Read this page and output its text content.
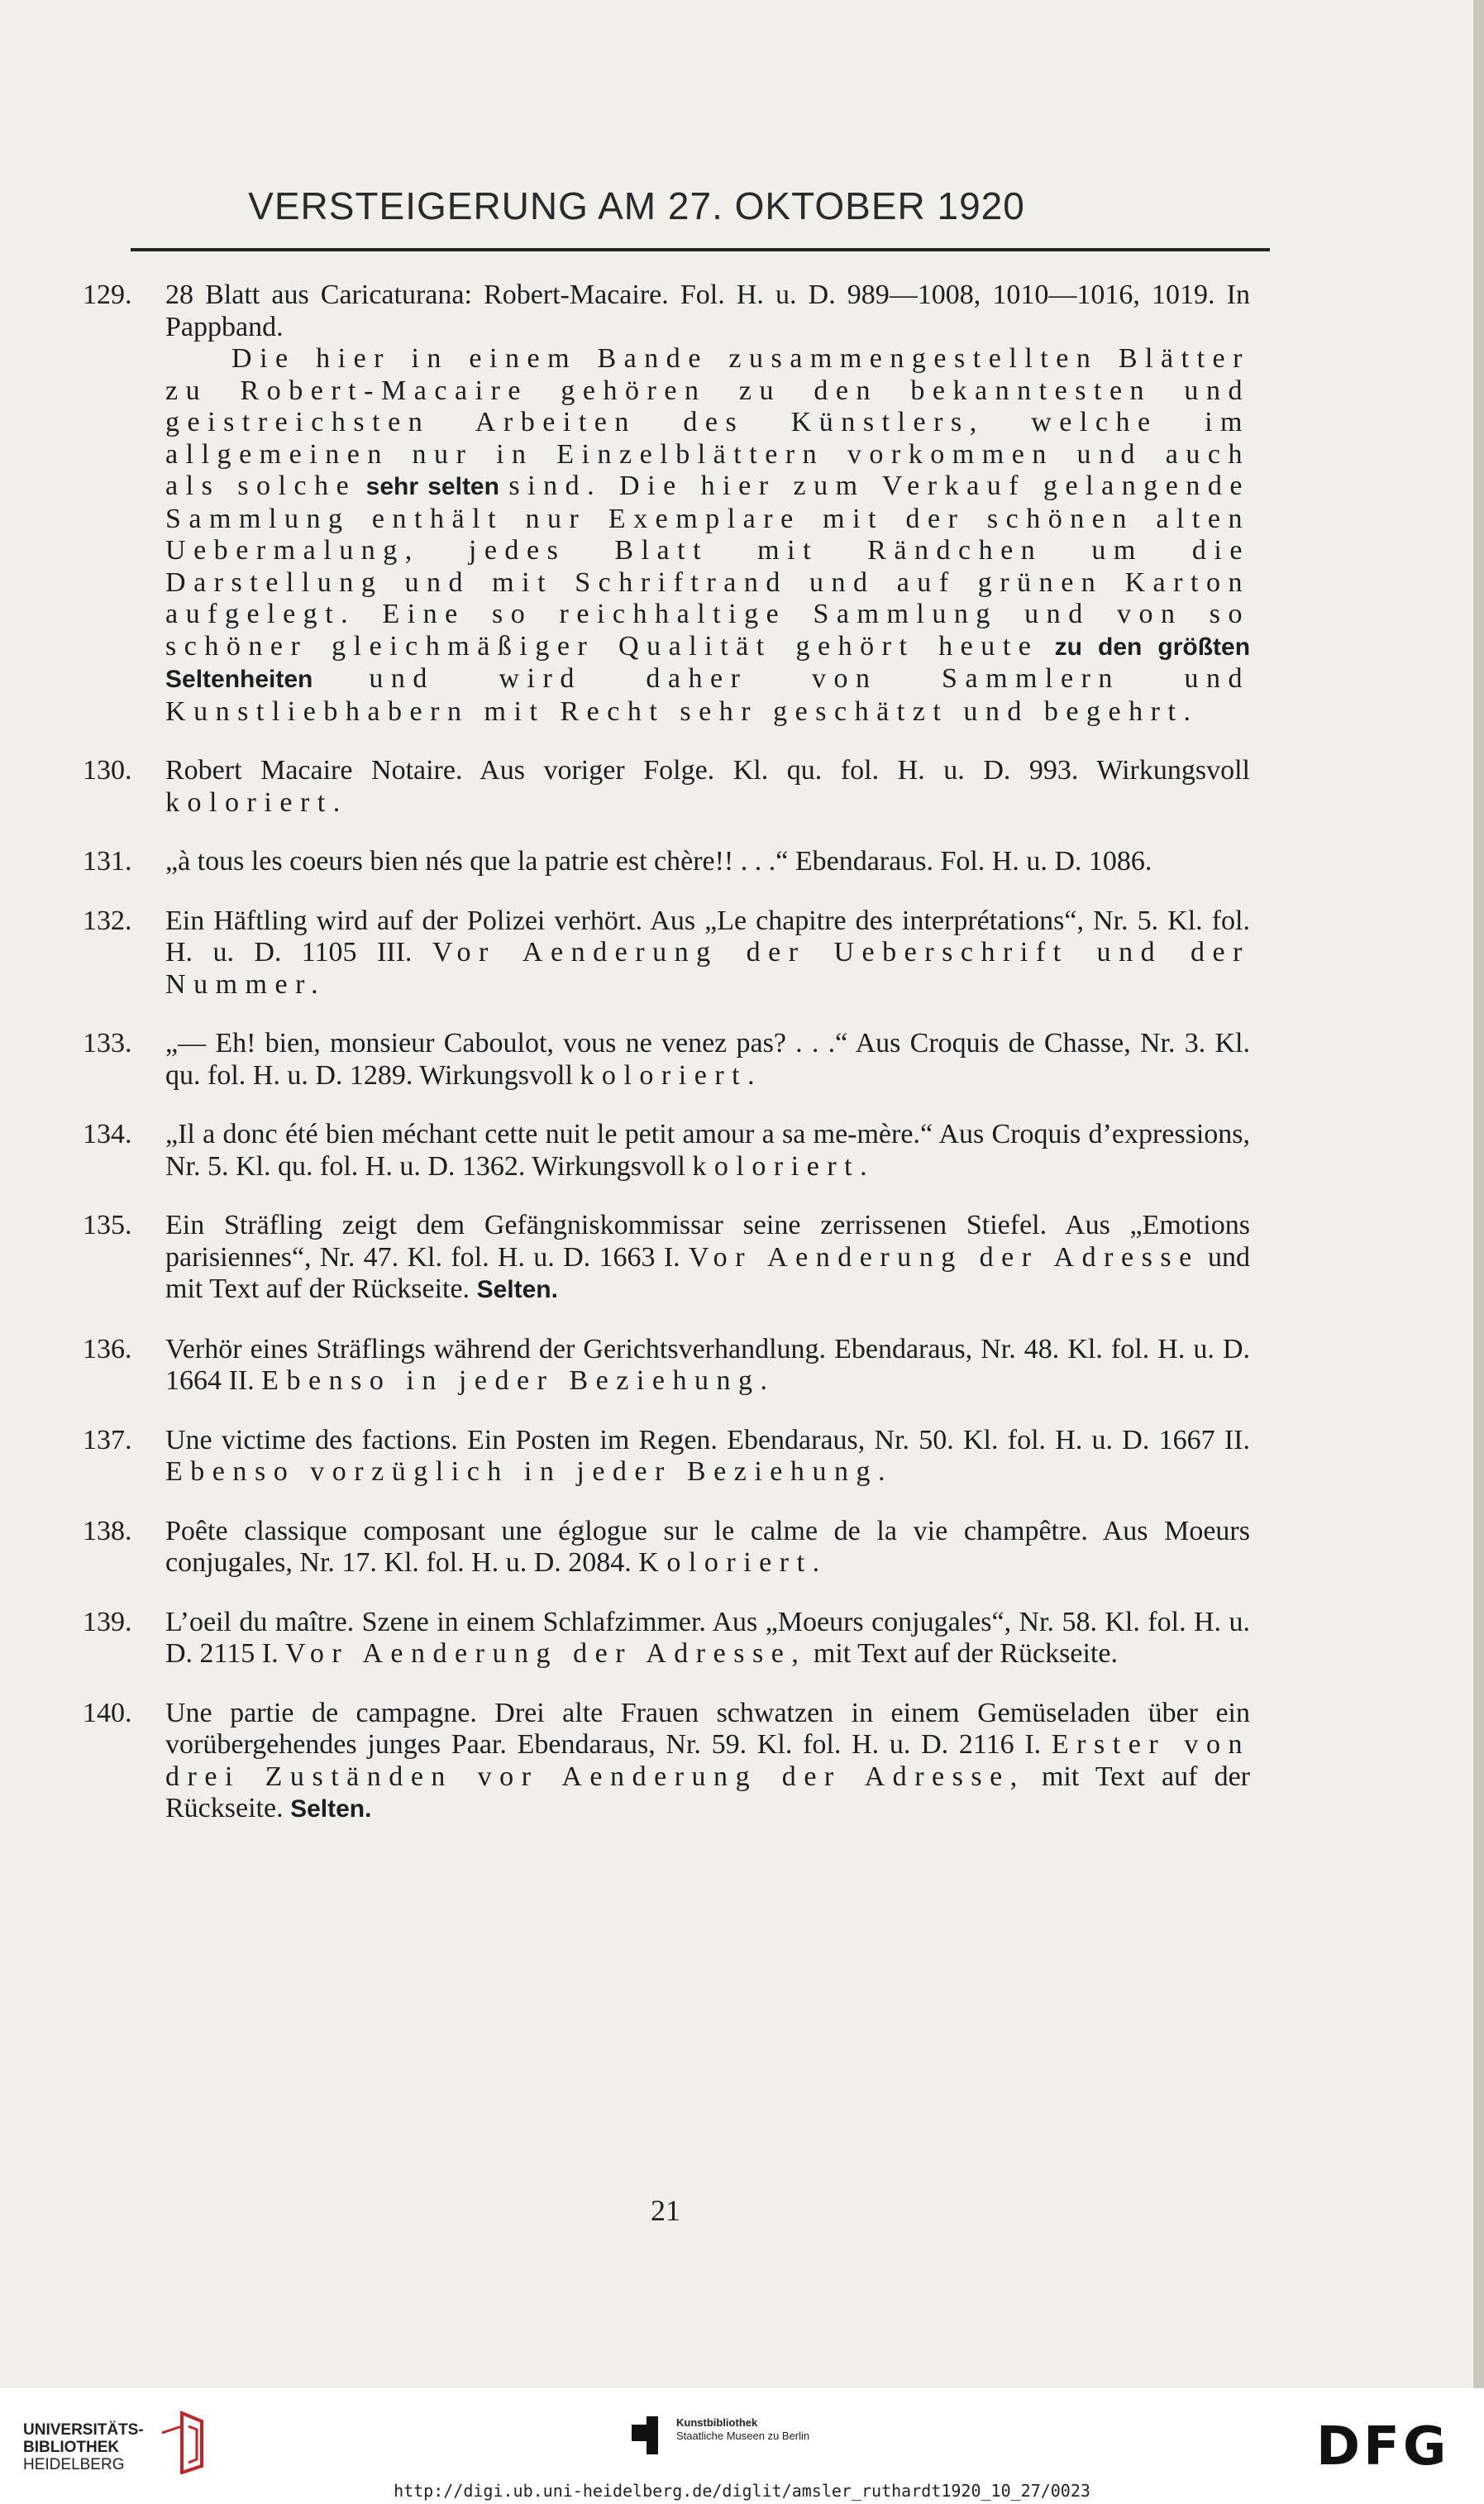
VERSTEIGERUNG AM 27. OKTOBER 1920
129.	28 Blatt aus Caricaturana: Robert-Macaire. Fol. H. u. D. 989—1008, 1010—1016, 1019. In Pappband.

Die hier in einem Bande zusammengestellten Blätter zu Robert-Macaire gehören zu den bekanntesten und geistreichsten Arbeiten des Künstlers, welche im allgemeinen nur in Einzelblättern vorkommen und auch als solche sehr selten sind. Die hier zum Verkauf gelangende Sammlung enthält nur Exemplare mit der schönen alten Uebermalung, jedes Blatt mit Rändchen um die Darstellung und mit Schriftrand und auf grünen Karton aufgelegt. Eine so reichhaltige Sammlung und von so schöner gleichmäßiger Qualität gehört heute zu den größten Seltenheiten und wird daher von Sammlern und Kunstliebhabern mit Recht sehr geschätzt und begehrt.

130.	Robert Macaire Notaire. Aus voriger Folge. Kl. qu. fol. H. u. D. 993. Wirkungsvoll koloriert.

131.	„à tous les coeurs bien nés que la patrie est chère!! . . .“ Ebendaraus. Fol. H. u. D. 1086.

132.	Ein Häftling wird auf der Polizei verhört. Aus „Le chapitre des interprétations“, Nr. 5. Kl. fol. H. u. D. 1105 III. Vor Aenderung der Ueberschrift und der Nummer.

133.	„— Eh! bien, monsieur Caboulot, vous ne venez pas? . . .“ Aus Croquis de Chasse, Nr. 3. Kl. qu. fol. H. u. D. 1289. Wirkungsvoll koloriert.

134.	„Il a donc été bien méchant cette nuit le petit amour a sa me-mère.“ Aus Croquis d’expressions, Nr. 5. Kl. qu. fol. H. u. D. 1362. Wirkungsvoll koloriert.

135.	Ein Sträfling zeigt dem Gefängniskommissar seine zerrissenen Stiefel. Aus „Emotions parisiennes“, Nr. 47. Kl. fol. H. u. D. 1663 I. Vor Aenderung der Adresse und mit Text auf der Rückseite. Selten.

136.	Verhör eines Sträflings während der Gerichtsverhandlung. Ebendaraus, Nr. 48. Kl. fol. H. u. D. 1664 II. Ebenso in jeder Beziehung.

137.	Une victime des factions. Ein Posten im Regen. Ebendaraus, Nr. 50. Kl. fol. H. u. D. 1667 II. Ebenso vorzüglich in jeder Beziehung.

138.	Poête classique composant une églogue sur le calme de la vie champêtre. Aus Moeurs conjugales, Nr. 17. Kl. fol. H. u. D. 2084. Koloriert.

139.	L’oeil du maître. Szene in einem Schlafzimmer. Aus „Moeurs conjugales“, Nr. 58. Kl. fol. H. u. D. 2115 I. Vor Aenderung der Adresse, mit Text auf der Rückseite.

140.	Une partie de campagne. Drei alte Frauen schwatzen in einem Gemüseladen über ein vorübergehendes junges Paar. Ebendaraus, Nr. 59. Kl. fol. H. u. D. 2116 I. Erster von drei Zuständen vor Aenderung der Adresse, mit Text auf der Rückseite. Selten.

21
UNIVERSITÄTS-
BIBLIOTHEK
HEIDELBERG
Kunstbibliothek
Staatliche Museen zu Berlin	DFG
http://digi.ub.uni-heidelberg.de/diglit/amsler_ruthardt1920_10_27/0023
